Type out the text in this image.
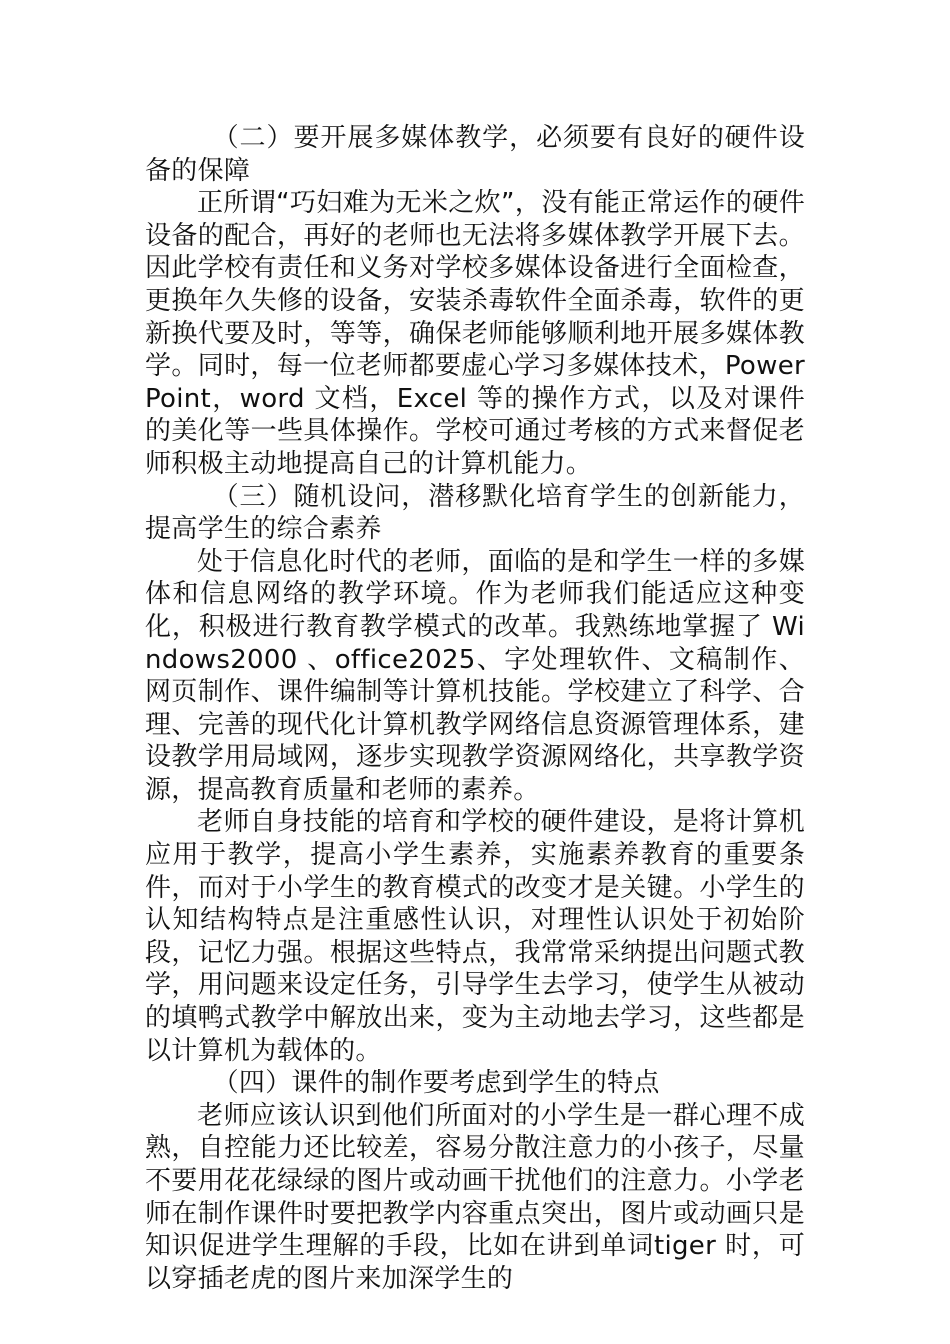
（二）要开展多媒体教学，必须要有良好的硬件设备的保障

正所谓“巧妇难为无米之炊”，没有能正常运作的硬件设备的配合，再好的老师也无法将多媒体教学开展下去。因此学校有责任和义务对学校多媒体设备进行全面检查，更换年久失修的设备，安装杀毒软件全面杀毒，软件的更新换代要及时，等等，确保老师能够顺利地开展多媒体教学。同时，每一位老师都要虚心学习多媒体技术，PowerPoint，word 文档，Excel 等的操作方式，以及对课件的美化等一些具体操作。学校可通过考核的方式来督促老师积极主动地提高自己的计算机能力。

（三）随机设问，潜移默化培育学生的创新能力，提高学生的综合素养

处于信息化时代的老师，面临的是和学生一样的多媒体和信息网络的教学环境。作为老师我们能适应这种变化，积极进行教育教学模式的改革。我熟练地掌握了 Windows2000 、office2025、字处理软件、文稿制作、网页制作、课件编制等计算机技能。学校建立了科学、合理、完善的现代化计算机教学网络信息资源管理体系，建设教学用局域网，逐步实现教学资源网络化，共享教学资源，提高教育质量和老师的素养。

老师自身技能的培育和学校的硬件建设，是将计算机应用于教学，提高小学生素养，实施素养教育的重要条件，而对于小学生的教育模式的改变才是关键。小学生的认知结构特点是注重感性认识，对理性认识处于初始阶段，记忆力强。根据这些特点，我常常采纳提出问题式教学，用问题来设定任务，引导学生去学习，使学生从被动的填鸭式教学中解放出来，变为主动地去学习，这些都是以计算机为载体的。

（四）课件的制作要考虑到学生的特点

老师应该认识到他们所面对的小学生是一群心理不成熟，自控能力还比较差，容易分散注意力的小孩子，尽量不要用花花绿绿的图片或动画干扰他们的注意力。小学老师在制作课件时要把教学内容重点突出，图片或动画只是知识促进学生理解的手段，比如在讲到单词tiger 时，可以穿插老虎的图片来加深学生的
